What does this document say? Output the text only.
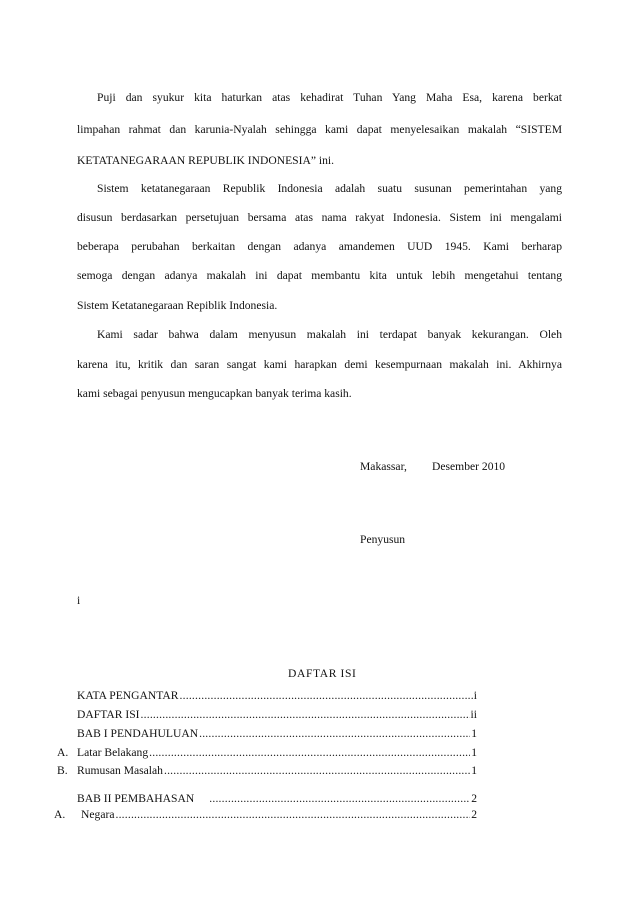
Puji dan syukur kita haturkan atas kehadirat Tuhan Yang Maha Esa, karena berkat
limpahan rahmat dan karunia-Nyalah sehingga kami dapat menyelesaikan makalah “SISTEM
KETATANEGARAAN REPUBLIK INDONESIA” ini.
Sistem ketatanegaraan Republik Indonesia adalah suatu susunan pemerintahan yang
disusun berdasarkan persetujuan bersama atas nama rakyat Indonesia. Sistem ini mengalami
beberapa perubahan berkaitan dengan adanya amandemen UUD 1945. Kami berharap
semoga dengan adanya makalah ini dapat membantu kita untuk lebih mengetahui tentang
Sistem Ketatanegaraan Repiblik Indonesia.
Kami sadar bahwa dalam menyusun makalah ini terdapat banyak kekurangan. Oleh
karena itu, kritik dan saran sangat kami harapkan demi kesempurnaan makalah ini. Akhirnya
kami sebagai penyusun mengucapkan banyak terima kasih.
Makassar, Desember 2010
Penyusun
i
DAFTAR ISI
KATA PENGANTAR .....	i
DAFTAR ISI .....	ii
BAB I PENDAHULUAN .....	1
A. Latar Belakang .....	1
B. Rumusan Masalah .....	1
BAB II PEMBAHASAN .....	2
A. Negara .....	2
